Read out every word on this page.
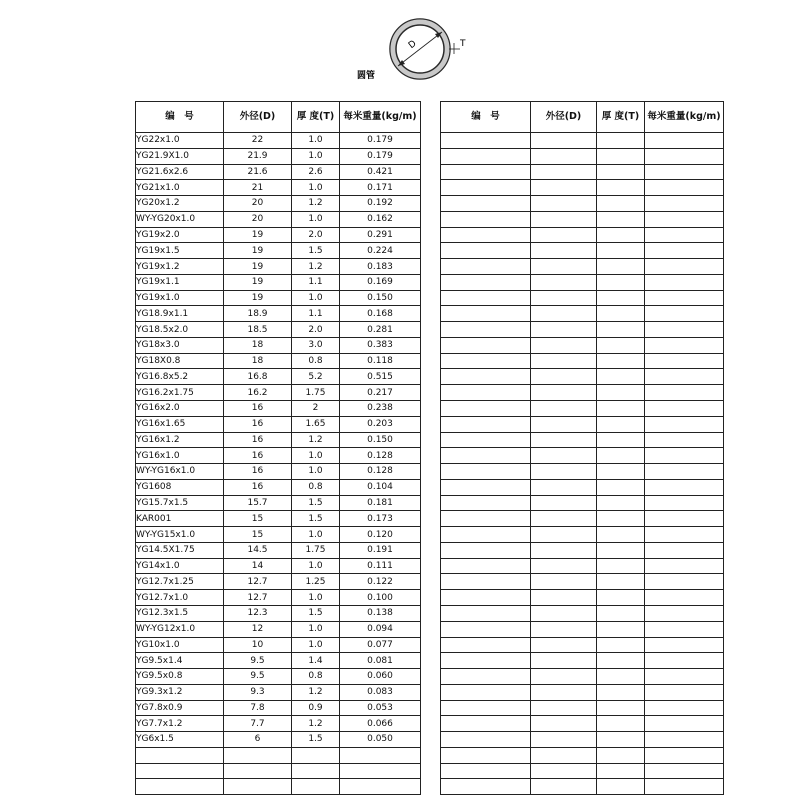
D	T
圆管
编　号	外径(D)	厚 度(T)	每米重量(kg/m)
YG22x1.0	22	1.0	0.179
YG21.9X1.0	21.9	1.0	0.179
YG21.6x2.6	21.6	2.6	0.421
YG21x1.0	21	1.0	0.171
YG20x1.2	20	1.2	0.192
WY-YG20x1.0	20	1.0	0.162
YG19x2.0	19	2.0	0.291
YG19x1.5	19	1.5	0.224
YG19x1.2	19	1.2	0.183
YG19x1.1	19	1.1	0.169
YG19x1.0	19	1.0	0.150
YG18.9x1.1	18.9	1.1	0.168
YG18.5x2.0	18.5	2.0	0.281
YG18x3.0	18	3.0	0.383
YG18X0.8	18	0.8	0.118
YG16.8x5.2	16.8	5.2	0.515
YG16.2x1.75	16.2	1.75	0.217
YG16x2.0	16	2	0.238
YG16x1.65	16	1.65	0.203
YG16x1.2	16	1.2	0.150
YG16x1.0	16	1.0	0.128
WY-YG16x1.0	16	1.0	0.128
YG1608	16	0.8	0.104
YG15.7x1.5	15.7	1.5	0.181
KAR001	15	1.5	0.173
WY-YG15x1.0	15	1.0	0.120
YG14.5X1.75	14.5	1.75	0.191
YG14x1.0	14	1.0	0.111
YG12.7x1.25	12.7	1.25	0.122
YG12.7x1.0	12.7	1.0	0.100
YG12.3x1.5	12.3	1.5	0.138
WY-YG12x1.0	12	1.0	0.094
YG10x1.0	10	1.0	0.077
YG9.5x1.4	9.5	1.4	0.081
YG9.5x0.8	9.5	0.8	0.060
YG9.3x1.2	9.3	1.2	0.083
YG7.8x0.9	7.8	0.9	0.053
YG7.7x1.2	7.7	1.2	0.066
YG6x1.5	6	1.5	0.050

编　号	外径(D)	厚 度(T)	每米重量(kg/m)
